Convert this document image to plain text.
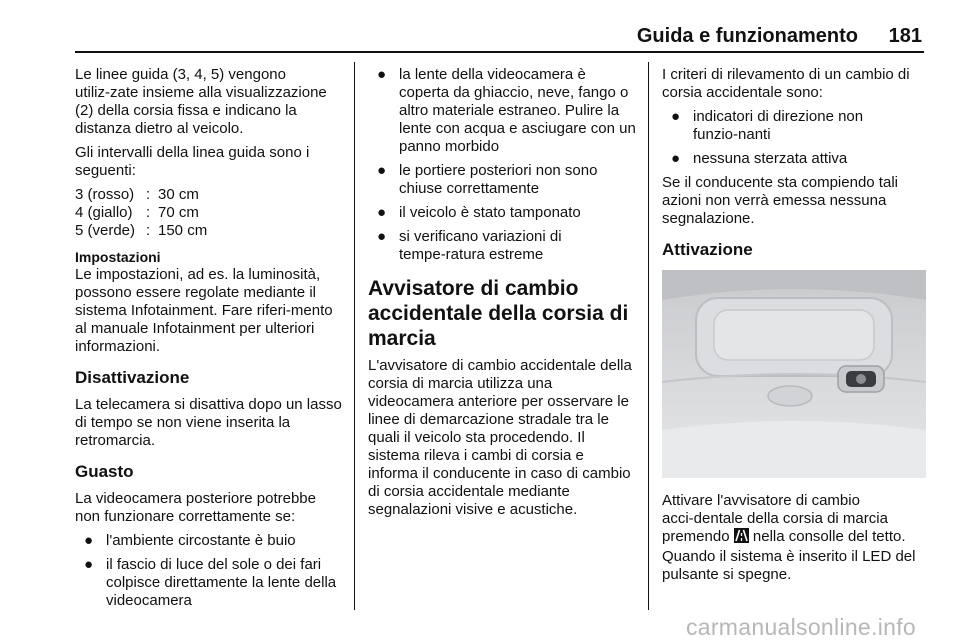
Guida e funzionamento 181

Le linee guida (3, 4, 5) vengono utiliz‑zate insieme alla visualizzazione (2) della corsia fissa e indicano la distanza dietro al veicolo.

Gli intervalli della linea guida sono i seguenti:

3 (rosso) : 30 cm
4 (giallo) : 70 cm
5 (verde) : 150 cm
Impostazioni

Le impostazioni, ad es. la luminosità, possono essere regolate mediante il sistema Infotainment. Fare riferi‑mento al manuale Infotainment per ulteriori informazioni.

Disattivazione

La telecamera si disattiva dopo un lasso di tempo se non viene inserita la retromarcia.

Guasto

La videocamera posteriore potrebbe non funzionare correttamente se:

● l'ambiente circostante è buio
● il fascio di luce del sole o dei fari colpisce direttamente la lente della videocamera
● la lente della videocamera è coperta da ghiaccio, neve, fango o altro materiale estraneo. Pulire la lente con acqua e asciugare con un panno morbido
● le portiere posteriori non sono chiuse correttamente
● il veicolo è stato tamponato
● si verificano variazioni di tempe‑ratura estreme
Avvisatore di cambio accidentale della corsia di marcia

L'avvisatore di cambio accidentale della corsia di marcia utilizza una videocamera anteriore per osservare le linee di demarcazione stradale tra le quali il veicolo sta procedendo. Il sistema rileva i cambi di corsia e informa il conducente in caso di cambio di corsia accidentale mediante segnalazioni visive e acustiche.

I criteri di rilevamento di un cambio di corsia accidentale sono:

● indicatori di direzione non funzio‑nanti
● nessuna sterzata attiva

Se il conducente sta compiendo tali azioni non verrà emessa nessuna segnalazione.

Attivazione

Attivare l'avvisatore di cambio acci‑dentale della corsia di marcia premendo nella consolle del tetto. Quando il sistema è inserito il LED del pulsante si spegne.

carmanualsonline.info
